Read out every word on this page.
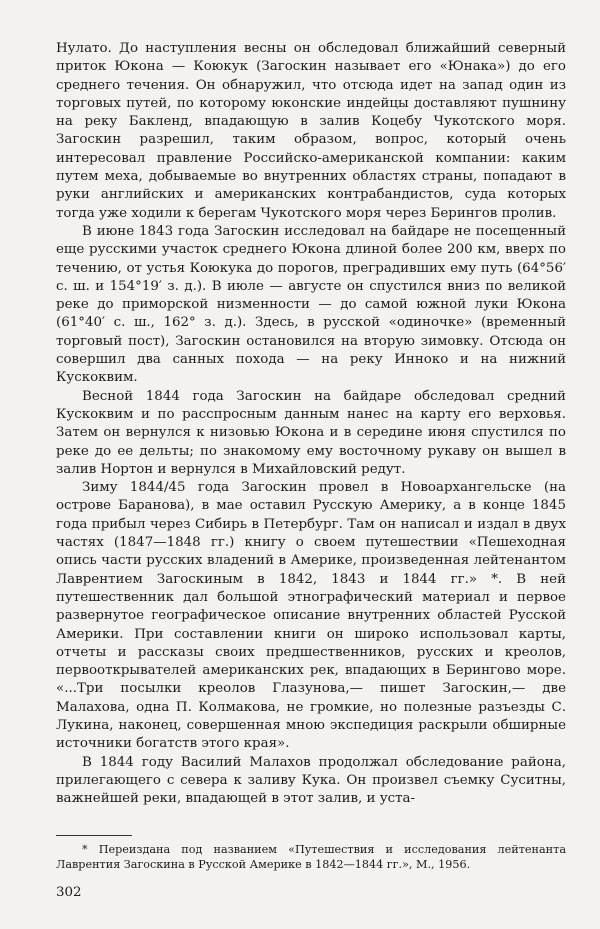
Нулато. До наступления весны он обследовал ближайший северный приток Юкона — Коюкук (Загоскин называет его «Юнака») до его среднего течения. Он обнаружил, что отсюда идет на запад один из торговых путей, по которому юконские индейцы доставляют пушнину на реку Бакленд, впадающую в залив Коцебу Чукотского моря. Загоскин разрешил, таким образом, вопрос, который очень интересовал правление Российско-американской компании: каким путем меха, добываемые во внутренних областях страны, попадают в руки английских и американских контрабандистов, суда которых тогда уже ходили к берегам Чукотского моря через Берингов пролив.

В июне 1843 года Загоскин исследовал на байдаре не посещенный еще русскими участок среднего Юкона длиной более 200 км, вверх по течению, от устья Коюкука до порогов, преградивших ему путь (64°56′ с. ш. и 154°19′ з. д.). В июле — августе он спустился вниз по великой реке до приморской низменности — до самой южной луки Юкона (61°40′ с. ш., 162° з. д.). Здесь, в русской «одиночке» (временный торговый пост), Загоскин остановился на вторую зимовку. Отсюда он совершил два санных похода — на реку Инноко и на нижний Кускоквим.

Весной 1844 года Загоскин на байдаре обследовал средний Кускоквим и по расспросным данным нанес на карту его верховья. Затем он вернулся к низовью Юкона и в середине июня спустился по реке до ее дельты; по знакомому ему восточному рукаву он вышел в залив Нортон и вернулся в Михайловский редут.

Зиму 1844/45 года Загоскин провел в Новоархангельске (на острове Баранова), в мае оставил Русскую Америку, а в конце 1845 года прибыл через Сибирь в Петербург. Там он написал и издал в двух частях (1847—1848 гг.) книгу о своем путешествии «Пешеходная опись части русских владений в Америке, произведенная лейтенантом Лаврентием Загоскиным в 1842, 1843 и 1844 гг.» *. В ней путешественник дал большой этнографический материал и первое развернутое географическое описание внутренних областей Русской Америки. При составлении книги он широко использовал карты, отчеты и рассказы своих предшественников, русских и креолов, первооткрывателей американских рек, впадающих в Берингово море. «...Три посылки креолов Глазунова,— пишет Загоскин,— две Малахова, одна П. Колмакова, не громкие, но полезные разъезды С. Лукина, наконец, совершенная мною экспедиция раскрыли обширные источники богатств этого края».

В 1844 году Василий Малахов продолжал обследование района, прилегающего с севера к заливу Кука. Он произвел съемку Суситны, важнейшей реки, впадающей в этот залив, и уста-

* Переиздана под названием «Путешествия и исследования лейтенанта Лаврентия Загоскина в Русской Америке в 1842—1844 гг.», М., 1956.

302
